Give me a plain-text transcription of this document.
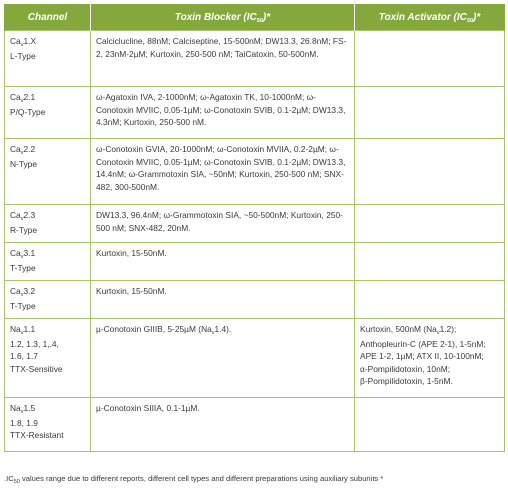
Channel	Toxin Blocker $(IC_{50})*$	Toxin Activator $(IC_{50})*$

$Ca_v1.X$
L-Type	Calciclucline, 88nM; Calciseptine, 15-500nM; DW13.3, 26.8nM; FS-2, 23nM-2µM; Kurtoxin, 250-500 nM; TaiCatoxin, 50-500nM.	

$Ca_v2.1$
P/Q-Type	ω-Agatoxin IVA, 2-1000nM; ω-Agatoxin TK, 10-1000nM; ω-Conotoxin MVIIC, 0.05-1µM; ω-Conotoxin SVIB, 0.1-2µM; DW13.3, 4.3nM; Kurtoxin, 250-500 nM.	

$Ca_v2.2$
N-Type	ω-Conotoxin GVIA, 20-1000nM; ω-Conotoxin MVIIA, 0.2-2µM; ω-Conotoxin MVIIC, 0.05-1µM; ω-Conotoxin SVIB, 0.1-2µM; DW13.3, 14.4nM; ω-Grammotoxin SIA, ~50nM; Kurtoxin, 250-500 nM; SNX-482, 300-500nM.	

$Ca_v2.3$
R-Type	DW13.3, 96.4nM; ω-Grammotoxin SIA, ~50-500nM; Kurtoxin, 250-500 nM; SNX-482, 20nM.	

$Ca_v3.1$
T-Type	Kurtoxin, 15-50nM.	

$Ca_v3.2$
T-Type	Kurtoxin, 15-50nM.	

$Na_v1.1$
1.2, 1.3, 1,.4,
1.6, 1.7
TTX-Sensitive	µ-Conotoxin GIIIB, 5-25µM $(Na_v1.4)$.	Kurtoxin, 500nM $(Na_v1.2)$;
Anthopleurin-C (APE 2-1), 1-5nM;
APE 1-2, 1µM; ATX II, 10-100nM;
α-Pompilidotoxin, 10nM;
β-Pompilidotoxin, 1-5nM.

$Na_v1.5$
1.8, 1.9
TTX-Resistant	µ-Conotoxin SIIIA, 0.1-1µM.	
$.IC_{50}$ values range due to different reports, different cell types and different preparations using auxiliary subunits *
